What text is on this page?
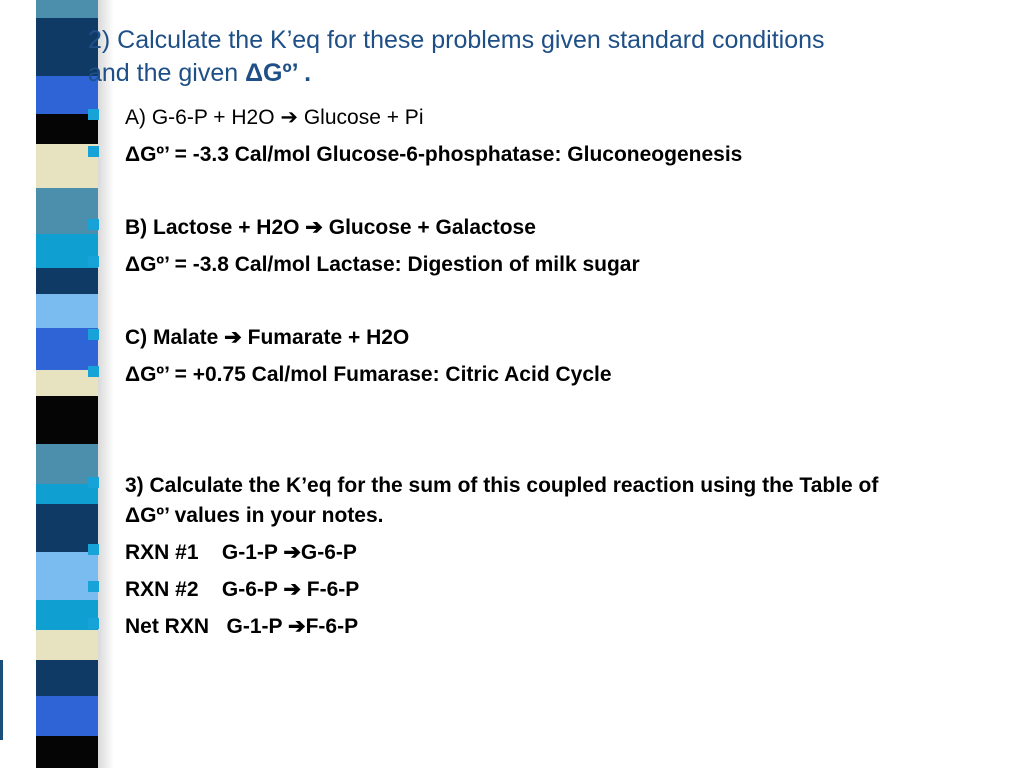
2) Calculate the K’eq for these problems given standard conditions
and the given ΔGº’ .
A) G-6-P + H2O ➔ Glucose + Pi
ΔGº’ = -3.3 Cal/mol Glucose-6-phosphatase: Gluconeogenesis
B) Lactose + H2O ➔ Glucose + Galactose
ΔGº’ = -3.8 Cal/mol Lactase: Digestion of milk sugar
C) Malate ➔ Fumarate + H2O
ΔGº’ = +0.75 Cal/mol Fumarase: Citric Acid Cycle
3) Calculate the K’eq for the sum of this coupled reaction using the Table of ΔGº’ values in your notes.
RXN #1    G-1-P ➔G-6-P
RXN #2    G-6-P ➔ F-6-P
Net RXN   G-1-P ➔F-6-P
